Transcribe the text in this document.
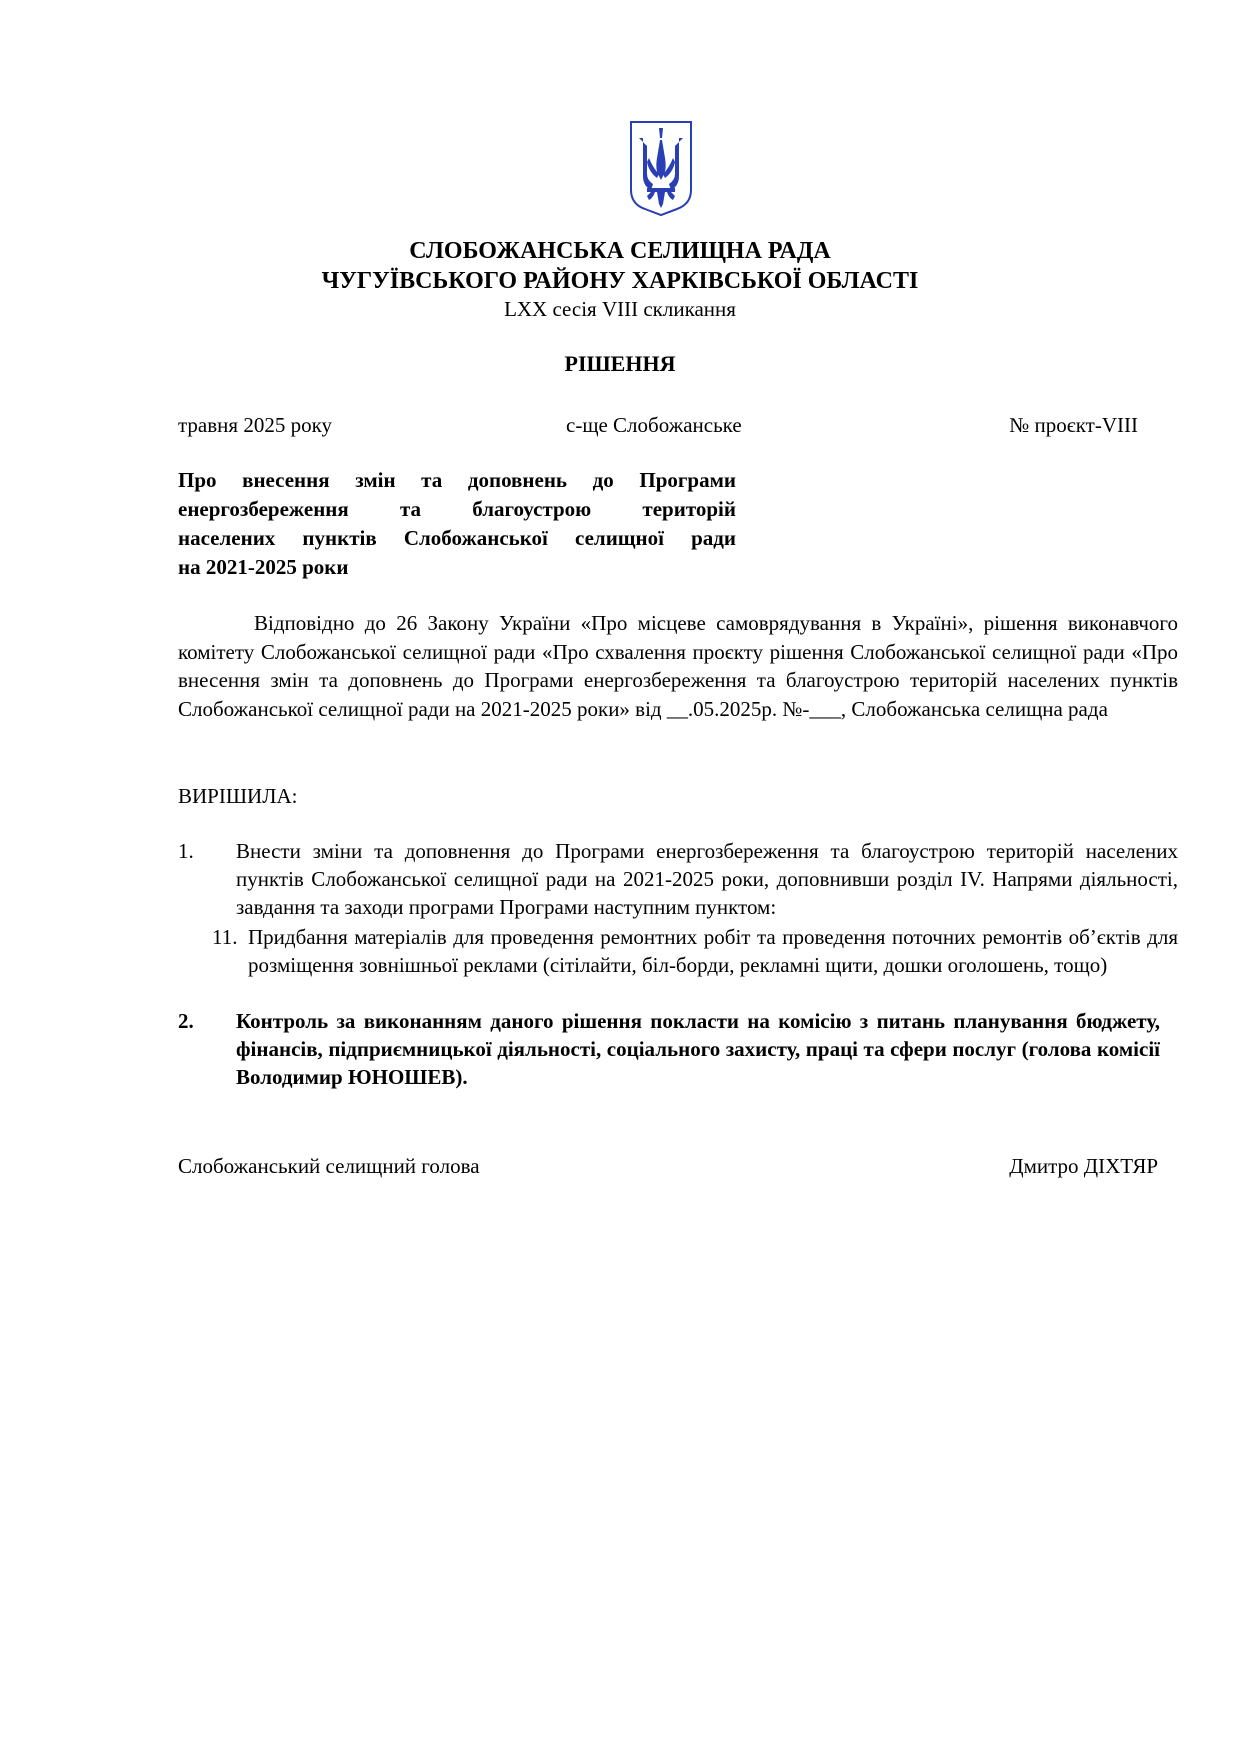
СЛОБОЖАНСЬКА СЕЛИЩНА РАДА
ЧУГУЇВСЬКОГО РАЙОНУ ХАРКІВСЬКОЇ ОБЛАСТІ
LXX сесія VIII скликання
РІШЕННЯ
травня 2025 року	с-ще Слобожанське	№ проєкт-VIII

Про внесення змін та доповнень до Програми

енергозбереження та благоустрою територій

населених пунктів Слобожанської селищної ради

на 2021-2025 роки

Відповідно до 26 Закону України «Про місцеве самоврядування в Україні», рішення виконавчого комітету Слобожанської селищної ради «Про схвалення проєкту рішення Слобожанської селищної ради «Про внесення змін та доповнень до Програми енергозбереження та благоустрою територій населених пунктів Слобожанської селищної ради на 2021-2025 роки» від __.05.2025р. №-___, Слобожанська селищна рада

ВИРІШИЛА:
1. Внести зміни та доповнення до Програми енергозбереження та благоустрою територій населених пунктів Слобожанської селищної ради на 2021-2025 роки, доповнивши розділ IV. Напрями діяльності, завдання та заходи програми Програми наступним пунктом:
11. Придбання матеріалів для проведення ремонтних робіт та проведення поточних ремонтів об’єктів для розміщення зовнішньої реклами (сітілайти, біл-борди, рекламні щити, дошки оголошень, тощо)
2. Контроль за виконанням даного рішення покласти на комісію з питань планування бюджету, фінансів, підприємницької діяльності, соціального захисту, праці та сфери послуг (голова комісії Володимир ЮНОШЕВ).
Слобожанський селищний голова	Дмитро ДІХТЯР
